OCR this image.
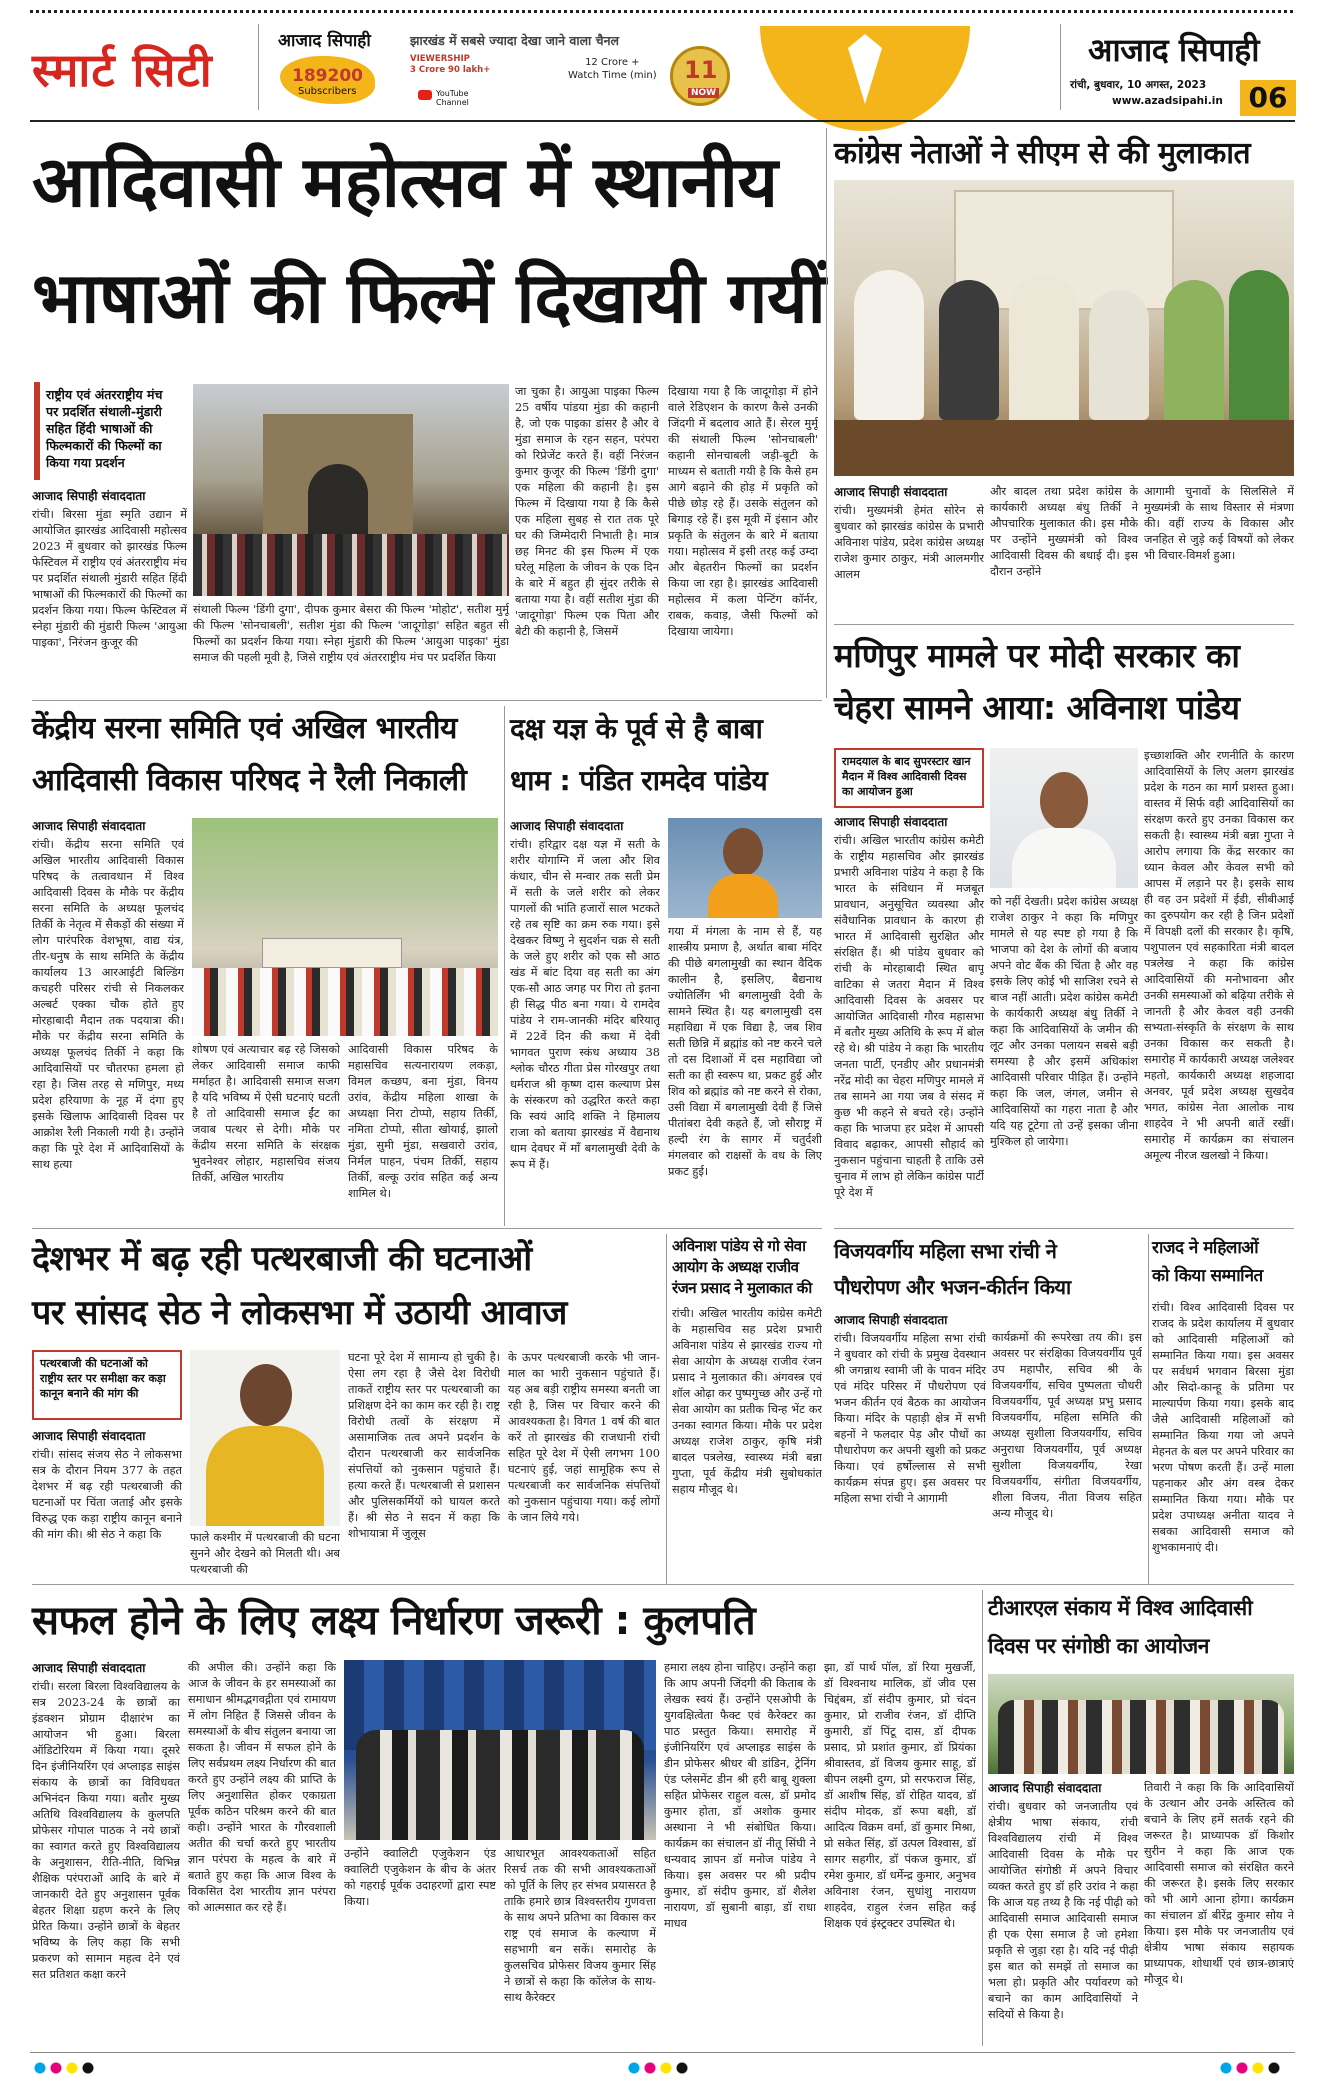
स्मार्ट सिटी
आजाद सिपाही	झारखंड में सबसे ज्यादा देखा जाने वाला चैनल
189200
Subscribers
VIEWERSHIP
3 Crore 90 lakh+
12 Crore +
Watch Time (min)
YouTube Channel
11
NOW
आजाद सिपाही
रांची, बुधवार, 10 अगस्त, 2023
www.azadsipahi.in 06
आदिवासी महोत्सव में स्थानीय
भाषाओं की फिल्में दिखायी गयीं
राष्ट्रीय एवं अंतरराष्ट्रीय मंच पर प्रदर्शित संथाली-मुंडारी सहित हिंदी भाषाओं की फिल्मकारों की फिल्मों का किया गया प्रदर्शन
आजाद सिपाही संवाददाता
रांची। बिरसा मुंडा स्मृति उद्यान में आयोजित झारखंड आदिवासी महोत्सव 2023 में बुधवार को झारखंड फिल्म फेस्टिवल में राष्ट्रीय एवं अंतरराष्ट्रीय मंच पर प्रदर्शित संथाली मुंडारी सहित हिंदी भाषाओं की फिल्मकारों की फिल्मों का प्रदर्शन किया गया। फिल्म फेस्टिवल में स्नेहा मुंडारी की मुंडारी फिल्म 'आयुआ पाइका', निरंजन कुजूर की
संथाली फिल्म 'डिंगी दुगा', दीपक कुमार बेसरा की फिल्म 'मोहोट', सतीश मुर्मू की फिल्म 'सोनचाबली', सतीश मुंडा की फिल्म 'जादूगोड़ा' सहित बहुत सी फिल्मों का प्रदर्शन किया गया। स्नेहा मुंडारी की फिल्म 'आयुआ पाइका' मुंडा समाज की पहली मूवी है, जिसे राष्ट्रीय एवं अंतरराष्ट्रीय मंच पर प्रदर्शित किया
जा चुका है। आयुआ पाइका फिल्म 25 वर्षीय पांडया मुंडा की कहानी है, जो एक पाइका डांसर है और वे मुंडा समाज के रहन सहन, परंपरा को रिप्रेजेंट करते हैं। वहीं निरंजन कुमार कुजूर की फिल्म 'डिंगी दुगा' एक महिला की कहानी है। इस फिल्म में दिखाया गया है कि कैसे एक महिला सुबह से रात तक पूरे घर की जिम्मेदारी निभाती है। मात्र छह मिनट की इस फिल्म में एक घरेलू महिला के जीवन के एक दिन के बारे में बहुत ही सुंदर तरीके से बताया गया है। वहीं सतीश मुंडा की 'जादूगोड़ा' फिल्म एक पिता और बेटी की कहानी है, जिसमें
दिखाया गया है कि जादूगोड़ा में होने वाले रेडिएशन के कारण कैसे उनकी जिंदगी में बदलाव आते हैं। सेरल मुर्मू की संथाली फिल्म 'सोनचाबली' कहानी सोनचाबली जड़ी-बूटी के माध्यम से बताती गयी है कि कैसे हम आगे बढ़ाने की होड़ में प्रकृति को पीछे छोड़ रहे हैं। उसके संतुलन को बिगाड़ रहे हैं। इस मूवी में इंसान और प्रकृति के संतुलन के बारे में बताया गया। महोत्सव में इसी तरह कई उम्दा और बेहतरीन फिल्मों का प्रदर्शन किया जा रहा है। झारखंड आदिवासी महोत्सव में कला पेन्टिंग कॉर्नर, राबक, कवाड़, जैसी फिल्मों को दिखाया जायेगा।
कांग्रेस नेताओं ने सीएम से की मुलाकात
आजाद सिपाही संवाददाता
रांची। मुख्यमंत्री हेमंत सोरेन से बुधवार को झारखंड कांग्रेस के प्रभारी अविनाश पांडेय, प्रदेश कांग्रेस अध्यक्ष राजेश कुमार ठाकुर, मंत्री आलमगीर आलम
और बादल तथा प्रदेश कांग्रेस के कार्यकारी अध्यक्ष बंधु तिर्की ने औपचारिक मुलाकात की। इस मौके पर उन्होंने मुख्यमंत्री को विश्व आदिवासी दिवस की बधाई दी। इस दौरान उन्होंने
आगामी चुनावों के सिलसिले में मुख्यमंत्री के साथ विस्तार से मंत्रणा की। वहीं राज्य के विकास और जनहित से जुड़े कई विषयों को लेकर भी विचार-विमर्श हुआ।
मणिपुर मामले पर मोदी सरकार का
चेहरा सामने आया: अविनाश पांडेय
रामदयाल के बाद सुपरस्टार खान मैदान में विश्व आदिवासी दिवस का आयोजन हुआ
आजाद सिपाही संवाददाता
रांची। अखिल भारतीय कांग्रेस कमेटी के राष्ट्रीय महासचिव और झारखंड प्रभारी अविनाश पांडेय ने कहा है कि भारत के संविधान में मजबूत प्रावधान, अनुसूचित व्यवस्था और संवैधानिक प्रावधान के कारण ही भारत में आदिवासी सुरक्षित और संरक्षित हैं। श्री पांडेय बुधवार को रांची के मोरहाबादी स्थित बापू वाटिका से जतरा मैदान में विश्व आदिवासी दिवस के अवसर पर आयोजित आदिवासी गौरव महासभा में बतौर मुख्य अतिथि के रूप में बोल रहे थे। श्री पांडेय ने कहा कि भारतीय जनता पार्टी, एनडीए और प्रधानमंत्री नरेंद्र मोदी का चेहरा मणिपुर मामले में तब सामने आ गया जब वे संसद में कुछ भी कहने से बचते रहे। उन्होंने कहा कि भाजपा हर प्रदेश में आपसी विवाद बढ़ाकर, आपसी सौहार्द को नुकसान पहुंचाना चाहती है ताकि उसे चुनाव में लाभ हो लेकिन कांग्रेस पार्टी पूरे देश में
को नहीं देखती। प्रदेश कांग्रेस अध्यक्ष राजेश ठाकुर ने कहा कि मणिपुर मामले से यह स्पष्ट हो गया है कि भाजपा को देश के लोगों की बजाय अपने वोट बैंक की चिंता है और वह इसके लिए कोई भी साजिश रचने से बाज नहीं आती। प्रदेश कांग्रेस कमेटी के कार्यकारी अध्यक्ष बंधु तिर्की ने कहा कि आदिवासियों के जमीन की लूट और उनका पलायन सबसे बड़ी समस्या है और इसमें अधिकांश आदिवासी परिवार पीड़ित हैं। उन्होंने कहा कि जल, जंगल, जमीन से आदिवासियों का गहरा नाता है और यदि यह टूटेगा तो उन्हें इसका जीना मुश्किल हो जायेगा।
इच्छाशक्ति और रणनीति के कारण आदिवासियों के लिए अलग झारखंड प्रदेश के गठन का मार्ग प्रशस्त हुआ। वास्तव में सिर्फ वही आदिवासियों का संरक्षण करते हुए उनका विकास कर सकती है। स्वास्थ्य मंत्री बन्ना गुप्ता ने आरोप लगाया कि केंद्र सरकार का ध्यान केवल और केवल सभी को आपस में लड़ाने पर है। इसके साथ ही वह उन प्रदेशों में ईडी, सीबीआई का दुरुपयोग कर रही है जिन प्रदेशों में विपक्षी दलों की सरकार है। कृषि, पशुपालन एवं सहकारिता मंत्री बादल पत्रलेख ने कहा कि कांग्रेस आदिवासियों की मनोभावना और उनकी समस्याओं को बढ़िया तरीके से जानती है और केवल वही उनकी सभ्यता-संस्कृति के संरक्षण के साथ उनका विकास कर सकती है। समारोह में कार्यकारी अध्यक्ष जलेश्वर महतो, कार्यकारी अध्यक्ष शहजादा अनवर, पूर्व प्रदेश अध्यक्ष सुखदेव भगत, कांग्रेस नेता आलोक नाथ शाहदेव ने भी अपनी बातें रखीं। समारोह में कार्यक्रम का संचालन अमूल्य नीरज खलखो ने किया।
केंद्रीय सरना समिति एवं अखिल भारतीय
आदिवासी विकास परिषद ने रैली निकाली
आजाद सिपाही संवाददाता
रांची। केंद्रीय सरना समिति एवं अखिल भारतीय आदिवासी विकास परिषद के तत्वावधान में विश्व आदिवासी दिवस के मौके पर केंद्रीय सरना समिति के अध्यक्ष फूलचंद तिर्की के नेतृत्व में सैकड़ों की संख्या में लोग पारंपरिक वेशभूषा, वाद्य यंत्र, तीर-धनुष के साथ समिति के केंद्रीय कार्यालय 13 आरआईटी बिल्डिंग कचहरी परिसर रांची से निकलकर अल्बर्ट एक्का चौक होते हुए मोरहाबादी मैदान तक पदयात्रा की। मौके पर केंद्रीय सरना समिति के अध्यक्ष फूलचंद तिर्की ने कहा कि आदिवासियों पर चौतरफा हमला हो रहा है। जिस तरह से मणिपुर, मध्य प्रदेश हरियाणा के नूह में दंगा हुए इसके खिलाफ आदिवासी दिवस पर आक्रोश रैली निकाली गयी है। उन्होंने कहा कि पूरे देश में आदिवासियों के साथ हत्या
शोषण एवं अत्याचार बढ़ रहे जिसको लेकर आदिवासी समाज काफी मर्माहत है। आदिवासी समाज सजग है यदि भविष्य में ऐसी घटनाएं घटती है तो आदिवासी समाज ईंट का जवाब पत्थर से देगी। मौके पर केंद्रीय सरना समिति के संरक्षक भुवनेश्वर लोहार, महासचिव संजय तिर्की, अखिल भारतीय
आदिवासी विकास परिषद के महासचिव सत्यनारायण लकड़ा, विमल कच्छप, बना मुंडा, विनय उरांव, केंद्रीय महिला शाखा के अध्यक्षा निरा टोप्पो, सहाय तिर्की, नमिता टोप्पो, सीता खोयाई, झालो मुंडा, सुमी मुंडा, सखवारो उरांव, निर्मल पाहन, पंचम तिर्की, सहाय तिर्की, बल्कू उरांव सहित कई अन्य शामिल थे।
दक्ष यज्ञ के पूर्व से है बाबा
धाम : पंडित रामदेव पांडेय
आजाद सिपाही संवाददाता
रांची। हरिद्वार दक्ष यज्ञ में सती के शरीर योगाग्नि में जला और शिव कंधार, चीन से मन्वार तक सती प्रेम में सती के जले शरीर को लेकर पागलों की भांति हजारों साल भटकते रहे तब सृष्टि का क्रम रुक गया। इसे देखकर विष्णु ने सुदर्शन चक्र से सती के जले हुए शरीर को एक सौ आठ खंड में बांट दिया वह सती का अंग एक-सौ आठ जगह पर गिरा तो इतना ही सिद्ध पीठ बना गया। ये रामदेव पांडेय ने राम-जानकी मंदिर बरियातू में 22वें दिन की कथा में देवी भागवत पुराण स्कंध अध्याय 38 श्लोक चौरठ गीता प्रेस गोरखपुर तथा धर्मराज श्री कृष्ण दास कल्याण प्रेस के संस्करण को उद्धरित करते कहा कि स्वयं आदि शक्ति ने हिमालय राजा को बताया झारखंड में वैद्यनाथ धाम देवघर में माँ बगलामुखी देवी के रूप में हैं।
गया में मंगला के नाम से हैं, यह शास्त्रीय प्रमाण है, अर्थात बाबा मंदिर की पीछे बगलामुखी का स्थान वैदिक कालीन है, इसलिए, बैद्यनाथ ज्योतिर्लिंग भी बगलामुखी देवी के सामने स्थित है। यह बगलामुखी दस महाविद्या में एक विद्या है, जब शिव सती छिन्नि में ब्रह्मांड को नष्ट करने चले तो दस दिशाओं में दस महाविद्या जो सती का ही स्वरूप था, प्रकट हुई और शिव को ब्रह्मांड को नष्ट करने से रोका, उसी विद्या में बगलामुखी देवी हैं जिसे पीतांबरा देवी कहते हैं, जो सौराष्ट्र में हल्दी रंग के सागर में चतुर्दशी मंगलवार को राक्षसों के वध के लिए प्रकट हुई।
देशभर में बढ़ रही पत्थरबाजी की घटनाओं
पर सांसद सेठ ने लोकसभा में उठायी आवाज
पत्थरबाजी की घटनाओं को राष्ट्रीय स्तर पर समीक्षा कर कड़ा कानून बनाने की मांग की
आजाद सिपाही संवाददाता
रांची। सांसद संजय सेठ ने लोकसभा सत्र के दौरान नियम 377 के तहत देशभर में बढ़ रही पत्थरबाजी की घटनाओं पर चिंता जताई और इसके विरुद्ध एक कड़ा राष्ट्रीय कानून बनाने की मांग की। श्री सेठ ने कहा कि	फाले कश्मीर में पत्थरबाजी की घटना सुनने और देखने को मिलती थी। अब पत्थरबाजी की
घटना पूरे देश में सामान्य हो चुकी है। ऐसा लग रहा है जैसे देश विरोधी ताकतें राष्ट्रीय स्तर पर पत्थरबाजी का प्रशिक्षण देने का काम कर रही है। राष्ट्र विरोधी तत्वों के संरक्षण में असामाजिक तत्व अपने प्रदर्शन के दौरान पत्थरबाजी कर सार्वजनिक संपत्तियों को नुकसान पहुंचाते हैं। हत्या करते हैं। पत्थरबाजी से प्रशासन और पुलिसकर्मियों को घायल करते हैं। श्री सेठ ने सदन में कहा कि शोभायात्रा में जुलूस
के ऊपर पत्थरबाजी करके भी जान-माल का भारी नुकसान पहुंचाते हैं। यह अब बड़ी राष्ट्रीय समस्या बनती जा रही है, जिस पर विचार करने की आवश्यकता है। विगत 1 वर्ष की बात करें तो झारखंड की राजधानी रांची सहित पूरे देश में ऐसी लगभग 100 घटनाएं हुई, जहां सामूहिक रूप से पत्थरबाजी कर सार्वजनिक संपत्तियों को नुकसान पहुंचाया गया। कई लोगों के जान लिये गये।
अविनाश पांडेय से गो सेवा आयोग के अध्यक्ष राजीव रंजन प्रसाद ने मुलाकात की
रांची। अखिल भारतीय कांग्रेस कमेटी के महासचिव सह प्रदेश प्रभारी अविनाश पांडेय से झारखंड राज्य गो सेवा आयोग के अध्यक्ष राजीव रंजन प्रसाद ने मुलाकात की। अंगवस्त्र एवं शॉल ओढ़ा कर पुष्पगुच्छ और उन्हें गो सेवा आयोग का प्रतीक चिन्ह भेंट कर उनका स्वागत किया। मौके पर प्रदेश अध्यक्ष राजेश ठाकुर, कृषि मंत्री बादल पत्रलेख, स्वास्थ्य मंत्री बन्ना गुप्ता, पूर्व केंद्रीय मंत्री सुबोधकांत सहाय मौजूद थे।
विजयवर्गीय महिला सभा रांची ने
पौधरोपण और भजन-कीर्तन किया
आजाद सिपाही संवाददाता
रांची। विजयवर्गीय महिला सभा रांची ने बुधवार को रांची के प्रमुख देवस्थान श्री जगन्नाथ स्वामी जी के पावन मंदिर एवं मंदिर परिसर में पौधरोपण एवं भजन कीर्तन एवं बैठक का आयोजन किया। मंदिर के पहाड़ी क्षेत्र में सभी बहनों ने फलदार पेड़ और पौधों का पौधारोपण कर अपनी खुशी को प्रकट किया। एवं हर्षोल्लास से सभी कार्यक्रम संपन्न हुए। इस अवसर पर महिला सभा रांची ने आगामी
कार्यक्रमों की रूपरेखा तय की। इस अवसर पर संरक्षिका विजयवर्गीय पूर्व उप महापौर, सचिव श्री के विजयवर्गीय, सचिव पुष्पलता चौधरी विजयवर्गीय, पूर्व अध्यक्ष प्रभु प्रसाद विजयवर्गीय, महिला समिति की अध्यक्ष सुशीला विजयवर्गीय, सचिव अनुराधा विजयवर्गीय, पूर्व अध्यक्ष सुशीला विजयवर्गीय, रेखा विजयवर्गीय, संगीता विजयवर्गीय, शीला विजय, नीता विजय सहित अन्य मौजूद थे।
राजद ने महिलाओं
को किया सम्मानित
रांची। विश्व आदिवासी दिवस पर राजद के प्रदेश कार्यालय में बुधवार को आदिवासी महिलाओं को सम्मानित किया गया। इस अवसर पर सर्वधर्म भगवान बिरसा मुंडा और सिदो-कान्हू के प्रतिमा पर माल्यार्पण किया गया। इसके बाद जैसे आदिवासी महिलाओं को सम्मानित किया गया जो अपने मेहनत के बल पर अपने परिवार का भरण पोषण करती हैं। उन्हें माला पहनाकर और अंग वस्त्र देकर सम्मानित किया गया। मौके पर प्रदेश उपाध्यक्ष अनीता यादव ने सबका आदिवासी समाज को शुभकामनाएं दी।
सफल होने के लिए लक्ष्य निर्धारण जरूरी : कुलपति
आजाद सिपाही संवाददाता
रांची। सरला बिरला विश्वविद्यालय के सत्र 2023-24 के छात्रों का इंडक्शन प्रोग्राम दीक्षारंभ का आयोजन भी हुआ। बिरला ऑडिटोरियम में किया गया। दूसरे दिन इंजीनियरिंग एवं अप्लाइड साइंस संकाय के छात्रों का विविधवत अभिनंदन किया गया। बतौर मुख्य अतिथि विश्वविद्यालय के कुलपति प्रोफेसर गोपाल पाठक ने नये छात्रों का स्वागत करते हुए विश्वविद्यालय के अनुशासन, रीति-नीति, विभिन्न शैक्षिक परंपराओं आदि के बारे में जानकारी देते हुए अनुशासन पूर्वक बेहतर शिक्षा ग्रहण करने के लिए प्रेरित किया। उन्होंने छात्रों के बेहतर भविष्य के लिए कहा कि सभी प्रकरण को सामान महत्व देने एवं सत प्रतिशत कक्षा करने
की अपील की। उन्होंने कहा कि आज के जीवन के हर समस्याओं का समाधान श्रीमद्भगवद्गीता एवं रामायण में लोग निहित हैं जिससे जीवन के समस्याओं के बीच संतुलन बनाया जा सकता है। जीवन में सफल होने के लिए सर्वप्रथम लक्ष्य निर्धारण की बात करते हुए उन्होंने लक्ष्य की प्राप्ति के लिए अनुशासित होकर एकाग्रता पूर्वक कठिन परिश्रम करने की बात कही। उन्होंने भारत के गौरवशाली अतीत की चर्चा करते हुए भारतीय ज्ञान परंपरा के महत्व के बारे में बताते हुए कहा कि आज विश्व के विकसित देश भारतीय ज्ञान परंपरा को आत्मसात कर रहे हैं।
उन्होंने क्वालिटी एजुकेशन एंड क्वालिटी एजुकेशन के बीच के अंतर को गहराई पूर्वक उदाहरणों द्वारा स्पष्ट किया।
आधारभूत आवश्यकताओं सहित रिसर्च तक की सभी आवश्यकताओं को पूर्ति के लिए हर संभव प्रयासरत है ताकि हमारे छात्र विश्वस्तरीय गुणवत्ता के साथ अपने प्रतिभा का विकास कर राष्ट्र एवं समाज के कल्याण में सहभागी बन सकें। समारोह के कुलसचिव प्रोफेसर विजय कुमार सिंह ने छात्रों से कहा कि कॉलेज के साथ-साथ कैरेक्टर
हमारा लक्ष्य होना चाहिए। उन्होंने कहा कि आप अपनी जिंदगी की किताब के लेखक स्वयं हैं। उन्होंने एसओपी के युगवक्षित्वेता फैक्ट एवं कैरेक्टर का पाठ प्रस्तुत किया। समारोह में इंजीनियरिंग एवं अप्लाइड साइंस के डीन प्रोफेसर श्रीधर बी डांडिन, ट्रेनिंग एंड प्लेसमेंट डीन श्री हरी बाबू शुक्ला सहित प्रोफेसर राहुल वत्स, डॉ प्रमोद कुमार होता, डॉ अशोक कुमार अस्थाना ने भी संबोधित किया। कार्यक्रम का संचालन डॉ नीतू सिंघी ने धन्यवाद ज्ञापन डॉ मनोज पांडेय ने किया। इस अवसर पर श्री प्रदीप कुमार, डॉ संदीप कुमार, डॉ शैलेश नारायण, डॉ सुबानी बाड़ा, डॉ राधा माधव
झा, डॉ पार्थ पॉल, डॉ रिया मुखर्जी, डॉ विश्वनाथ मालिक, डॉ जीव एस चिद्दंबम, डॉ संदीप कुमार, प्रो चंदन कुमार, प्रो राजीव रंजन, डॉ दीप्ति कुमारी, डॉ पिंटू दास, डॉ दीपक प्रसाद, प्रो प्रशांत कुमार, डॉ प्रियंका श्रीवास्तव, डॉ विजय कुमार साहू, डॉ बीपन लक्ष्मी दुग्ग, प्रो सरफराज सिंह, डॉ आशीष सिंह, डॉ रोहित यादव, डॉ संदीप मोदक, डॉ रूपा बक्षी, डॉ आदित्य विक्रम वर्मा, डॉ कुमार मिश्रा, प्रो सकेत सिंह, डॉ उत्पल विश्वास, डॉ सागर सहगीर, डॉ पंकज कुमार, डॉ रमेश कुमार, डॉ धर्मेन्द्र कुमार, अनुभव अविनाश रंजन, सुधांशु नारायण शाहदेव, राहुल रंजन सहित कई शिक्षक एवं इंस्ट्रक्टर उपस्थित थे।
टीआरएल संकाय में विश्व आदिवासी
दिवस पर संगोष्ठी का आयोजन
आजाद सिपाही संवाददाता
रांची। बुधवार को जनजातीय एवं क्षेत्रीय भाषा संकाय, रांची विश्वविद्यालय रांची में विश्व आदिवासी दिवस के मौके पर आयोजित संगोष्ठी में अपने विचार व्यक्त करते हुए डॉ हरि उरांव ने कहा कि आज यह तथ्य है कि नई पीढ़ी को आदिवासी समाज आदिवासी समाज ही एक ऐसा समाज है जो हमेशा प्रकृति से जुड़ा रहा है। यदि नई पीढ़ी इस बात को समझें तो समाज का भला हो। प्रकृति और पर्यावरण को बचाने का काम आदिवासियों ने सदियों से किया है।
तिवारी ने कहा कि कि आदिवासियों के उत्थान और उनके अस्तित्व को बचाने के लिए हमें सतर्क रहने की जरूरत है। प्राध्यापक डॉ किशोर सुरीन ने कहा कि आज एक आदिवासी समाज को संरक्षित करने की जरूरत है। इसके लिए सरकार को भी आगे आना होगा। कार्यक्रम का संचालन डॉ बीरेंद्र कुमार सोय ने किया। इस मौके पर जनजातीय एवं क्षेत्रीय भाषा संकाय सहायक प्राध्यापक, शोधार्थी एवं छात्र-छात्राएं मौजूद थे।
